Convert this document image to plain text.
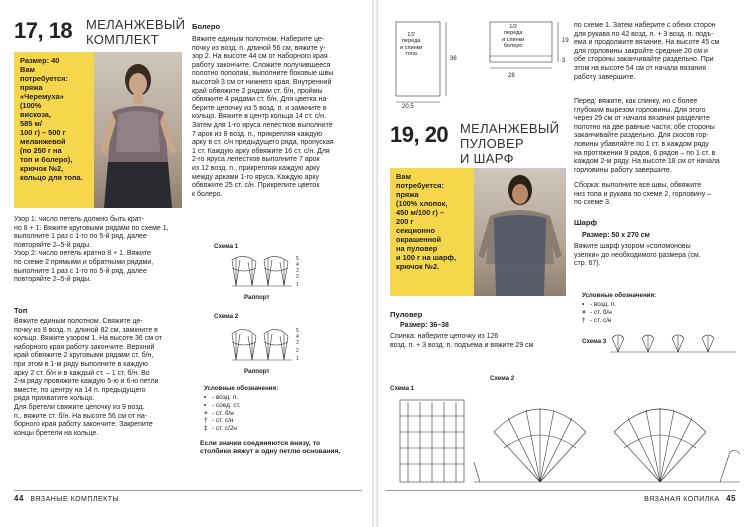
17, 18 МЕЛАНЖЕВЫЙ
КОМПЛЕКТ
Размер: 40
Вам
потребуется:
пряжа
«Черемуха»
(100%
вискоза,
585 м/
100 г) – 500 г
меланжевой
(по 250 г на
топ и болеро),
крючок №2,
кольцо для топа.
Узор 1: число петель должно быть крат-
но 8 + 1. Вяжите круговыми рядами по схеме 1,
выполните 1 раз с 1-го по 5-й ряд, далее
повторяйте 2–5-й ряды.
Узор 2: число петель кратно 8 + 1. Вяжите
по схеме 2 прямыми и обратными рядами,
выполните 1 раз с 1-го по 5-й ряд, далее
повторяйте 2–5-й ряды.
Топ
Вяжите единым полотном. Свяжите це-
почку из 8 возд. п. длиной 82 см, замкните в
кольцо. Вяжите узором 1. На высоте 36 см от
наборного края работу закончите. Верхний
край обвяжите 2 круговыми рядами ст. б/н,
при этом в 1-м ряду выполните в каждую
арку 2 ст. б/н и в каждый ст. – 1 ст. б/н. Во
2-м ряду провяжите каждую 5-ю и 6-ю петли
вместе, по центру на 14 п. предыдущего
ряда прихватите кольцо.
Для бретели свяжите цепочку из 9 возд.
п., вяжите ст. б/н. На высоте 56 см от на-
борного края работу закончите. Закрепите
концы бретели на кольце.
Болеро
Вяжите единым полотном. Наберите це-
почку из возд. п. длиной 56 см, вяжите у-
зор 2. На высоте 44 см от наборного края
работу закончите. Сложите получившееся
полотно пополам, выполните боковые швы
высотой 3 см от нижнего края. Внутренний
край обвяжите 2 рядами ст. б/н, проймы
обвяжите 4 рядами ст. б/н. Для цветка на-
берите цепочку из 5 возд. п. и замкните в
кольцо. Вяжите в центр кольца 14 ст. с/н.
Затем для 1-го яруса лепестков выполните
7 арок из 8 возд. п., прикрепляя каждую
арку в ст. с/н предыдущего ряда, пропуская
1 ст. Каждую арку обвяжите 16 ст. с/н. Для
2-го яруса лепестков выполните 7 арок
из 12 возд. п., прикрепляя каждую арку
между арками 1-го яруса. Каждую арку
обвяжите 25 ст. с/н. Прикрепите цветок
к болеро.
Схема 1
5
4
3
2
1
Раппорт
Схема 2
5
4
3
2
1
Раппорт
Условные обозначения:
• - возд. п.
• - соед. ст.
+ - ст. б/н
† - ст. с/н
‡ - ст. с/2н
Если значки соединяются внизу, то
столбики вяжут в одну петлю основания.
44 ВЯЗАНЫЕ КОМПЛЕКТЫ
1/2
переда
и спинки
топа
20,5
36
1/2
переда
и спинки
болеро
28
19
3
по схеме 1. Затем наберите с обеих сторон
для рукава по 42 возд. п. + 3 возд. п. подъ-
ема и продолжите вязание. На высоте 45 см
для горловины закройте средние 20 см и
обе стороны заканчивайте раздельно. При
этом на высоте 54 см от начала вязания
работу завершите.
Перед: вяжите, как спинку, но с более
глубоким вырезом горловины. Для этого
через 29 см от начала вязания разделите
полотно на две равные части, обе стороны
заканчивайте раздельно. Для скосов гор-
ловины убавляйте по 1 ст. в каждом ряду
на протяжении 9 рядов, 6 рядов – по 1 ст. в
каждом 2-м ряду. На высоте 18 см от начала
горловины работу завершите.
Сборка: выполните все швы, обвяжите
низ топа и рукава по схеме 2, горловину –
по схеме 3.
19, 20 МЕЛАНЖЕВЫЙ
ПУЛОВЕР
И ШАРФ
Вам
потребуется:
пряжа
(100% хлопок,
450 м/100 г) –
200 г
секционно
окрашенной
на пуловер
и 100 г на шарф,
крючок №2.
Пуловер
Размер: 36–38
Спинка: наберите цепочку из 126
возд. п. + 3 возд. п. подъема и вяжите 29 см
Шарф
Размер: 50 х 270 см
Вяжите шарф узором «соломоновы
узелки» до необходимого размера (см.
стр. 67).
Условные обозначения:
• - возд. п.
× - ст. б/н
† - ст. с/н
Схема 3
Схема 1
Схема 2
ВЯЗАНАЯ КОПИЛКА 45
